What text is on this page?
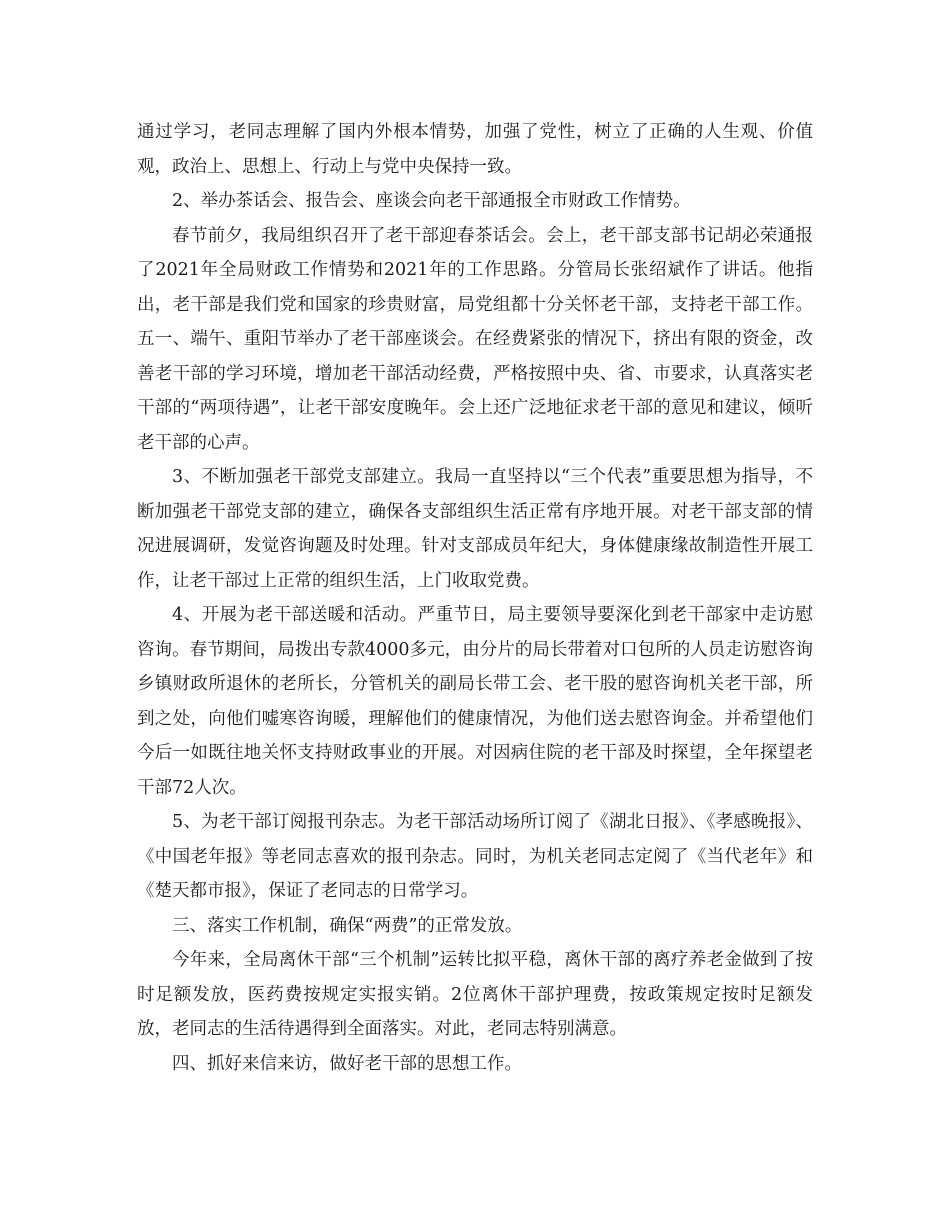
通过学习，老同志理解了国内外根本情势，加强了党性，树立了正确的人生观、价值观，政治上、思想上、行动上与党中央保持一致。

2、举办茶话会、报告会、座谈会向老干部通报全市财政工作情势。

春节前夕，我局组织召开了老干部迎春茶话会。会上，老干部支部书记胡必荣通报了2021年全局财政工作情势和2021年的工作思路。分管局长张绍斌作了讲话。他指出，老干部是我们党和国家的珍贵财富，局党组都十分关怀老干部，支持老干部工作。五一、端午、重阳节举办了老干部座谈会。在经费紧张的情况下，挤出有限的资金，改善老干部的学习环境，增加老干部活动经费，严格按照中央、省、市要求，认真落实老干部的“两项待遇”，让老干部安度晚年。会上还广泛地征求老干部的意见和建议，倾听老干部的心声。

3、不断加强老干部党支部建立。我局一直坚持以“三个代表”重要思想为指导，不断加强老干部党支部的建立，确保各支部组织生活正常有序地开展。对老干部支部的情况进展调研，发觉咨询题及时处理。针对支部成员年纪大，身体健康缘故制造性开展工作，让老干部过上正常的组织生活，上门收取党费。

4、开展为老干部送暖和活动。严重节日，局主要领导要深化到老干部家中走访慰咨询。春节期间，局拨出专款4000多元，由分片的局长带着对口包所的人员走访慰咨询乡镇财政所退休的老所长，分管机关的副局长带工会、老干股的慰咨询机关老干部，所到之处，向他们嘘寒咨询暖，理解他们的健康情况，为他们送去慰咨询金。并希望他们今后一如既往地关怀支持财政事业的开展。对因病住院的老干部及时探望，全年探望老干部72人次。

5、为老干部订阅报刊杂志。为老干部活动场所订阅了《湖北日报》、《孝感晚报》、《中国老年报》等老同志喜欢的报刊杂志。同时，为机关老同志定阅了《当代老年》和《楚天都市报》，保证了老同志的日常学习。

三、落实工作机制，确保“两费”的正常发放。

今年来，全局离休干部“三个机制”运转比拟平稳，离休干部的离疗养老金做到了按时足额发放，医药费按规定实报实销。2位离休干部护理费，按政策规定按时足额发放，老同志的生活待遇得到全面落实。对此，老同志特别满意。

四、抓好来信来访，做好老干部的思想工作。
